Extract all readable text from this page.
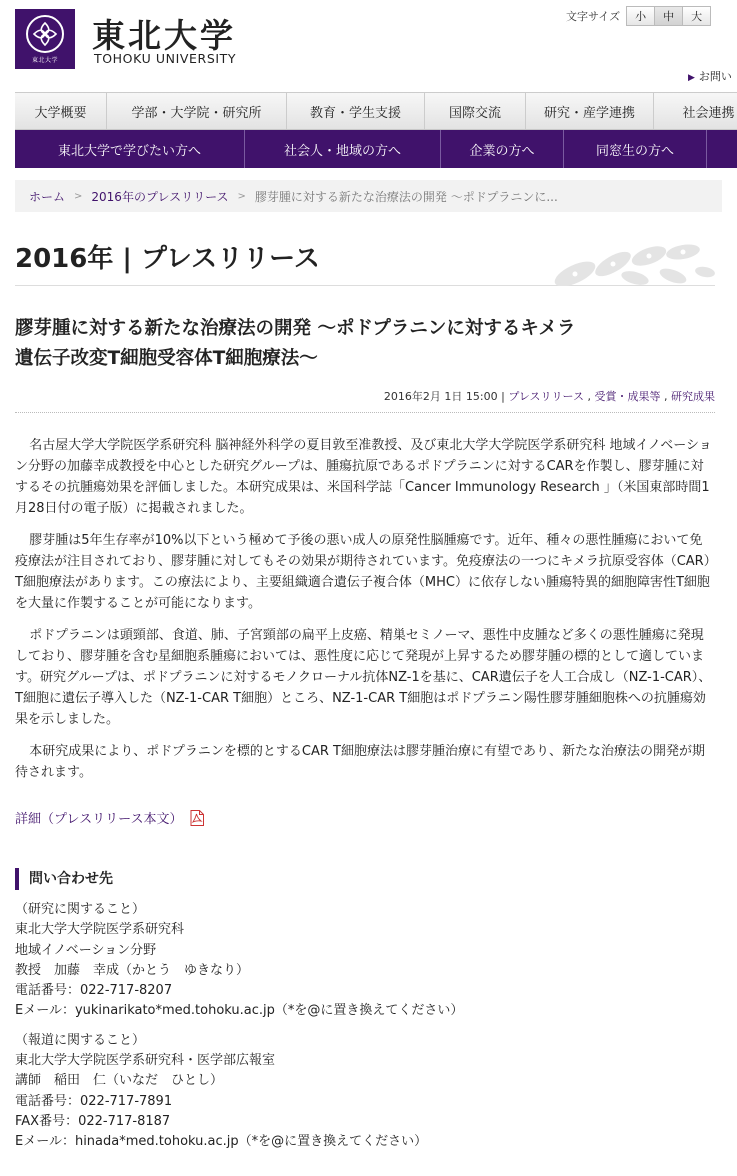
東北大学
東北大学
TOHOKU UNIVERSITY
文字サイズ	小	中	大
▶ お問い
大学概要	学部・大学院・研究所	教育・学生支援	国際交流	研究・産学連携	社会連携
東北大学で学びたい方へ	社会人・地域の方へ	企業の方へ	同窓生の方へ
ホーム > 2016年のプレスリリース > 膠芽腫に対する新たな治療法の開発 〜ポドプラニンに...
2016年 | プレスリリース
膠芽腫に対する新たな治療法の開発 〜ポドプラニンに対するキメラ
遺伝子改変T細胞受容体T細胞療法〜
2016年2月 1日 15:00 | プレスリリース , 受賞・成果等 , 研究成果

名古屋大学大学院医学系研究科 脳神経外科学の夏目敦至准教授、及び東北大学大学院医学系研究科 地域イノベーション分野の加藤幸成教授を中心とした研究グループは、腫瘍抗原であるポドプラニンに対するCARを作製し、膠芽腫に対するその抗腫瘍効果を評価しました。本研究成果は、米国科学誌「Cancer Immunology Research 」（米国東部時間1月28日付の電子版）に掲載されました。

膠芽腫は5年生存率が10%以下という極めて予後の悪い成人の原発性脳腫瘍です。近年、種々の悪性腫瘍において免疫療法が注目されており、膠芽腫に対してもその効果が期待されています。免疫療法の一つにキメラ抗原受容体（CAR）T細胞療法があります。この療法により、主要組織適合遺伝子複合体（MHC）に依存しない腫瘍特異的細胞障害性T細胞を大量に作製することが可能になります。

ポドプラニンは頭頸部、食道、肺、子宮頸部の扁平上皮癌、精巣セミノーマ、悪性中皮腫など多くの悪性腫瘍に発現しており、膠芽腫を含む星細胞系腫瘍においては、悪性度に応じて発現が上昇するため膠芽腫の標的として適しています。研究グループは、ポドプラニンに対するモノクローナル抗体NZ-1を基に、CAR遺伝子を人工合成し（NZ-1-CAR）、T細胞に遺伝子導入した（NZ-1-CAR T細胞）ところ、NZ-1-CAR T細胞はポドプラニン陽性膠芽腫細胞株への抗腫瘍効果を示しました。

本研究成果により、ポドプラニンを標的とするCAR T細胞療法は膠芽腫治療に有望であり、新たな治療法の開発が期待されます。

詳細（プレスリリース本文）
問い合わせ先
（研究に関すること）
東北大学大学院医学系研究科
地域イノベーション分野
教授　加藤　幸成（かとう　ゆきなり）
電話番号：022-717-8207
Eメール：yukinarikato*med.tohoku.ac.jp（*を@に置き換えてください）
（報道に関すること）
東北大学大学院医学系研究科・医学部広報室
講師　稲田　仁（いなだ　ひとし）
電話番号：022-717-7891
FAX番号：022-717-8187
Eメール：hinada*med.tohoku.ac.jp（*を@に置き換えてください）
